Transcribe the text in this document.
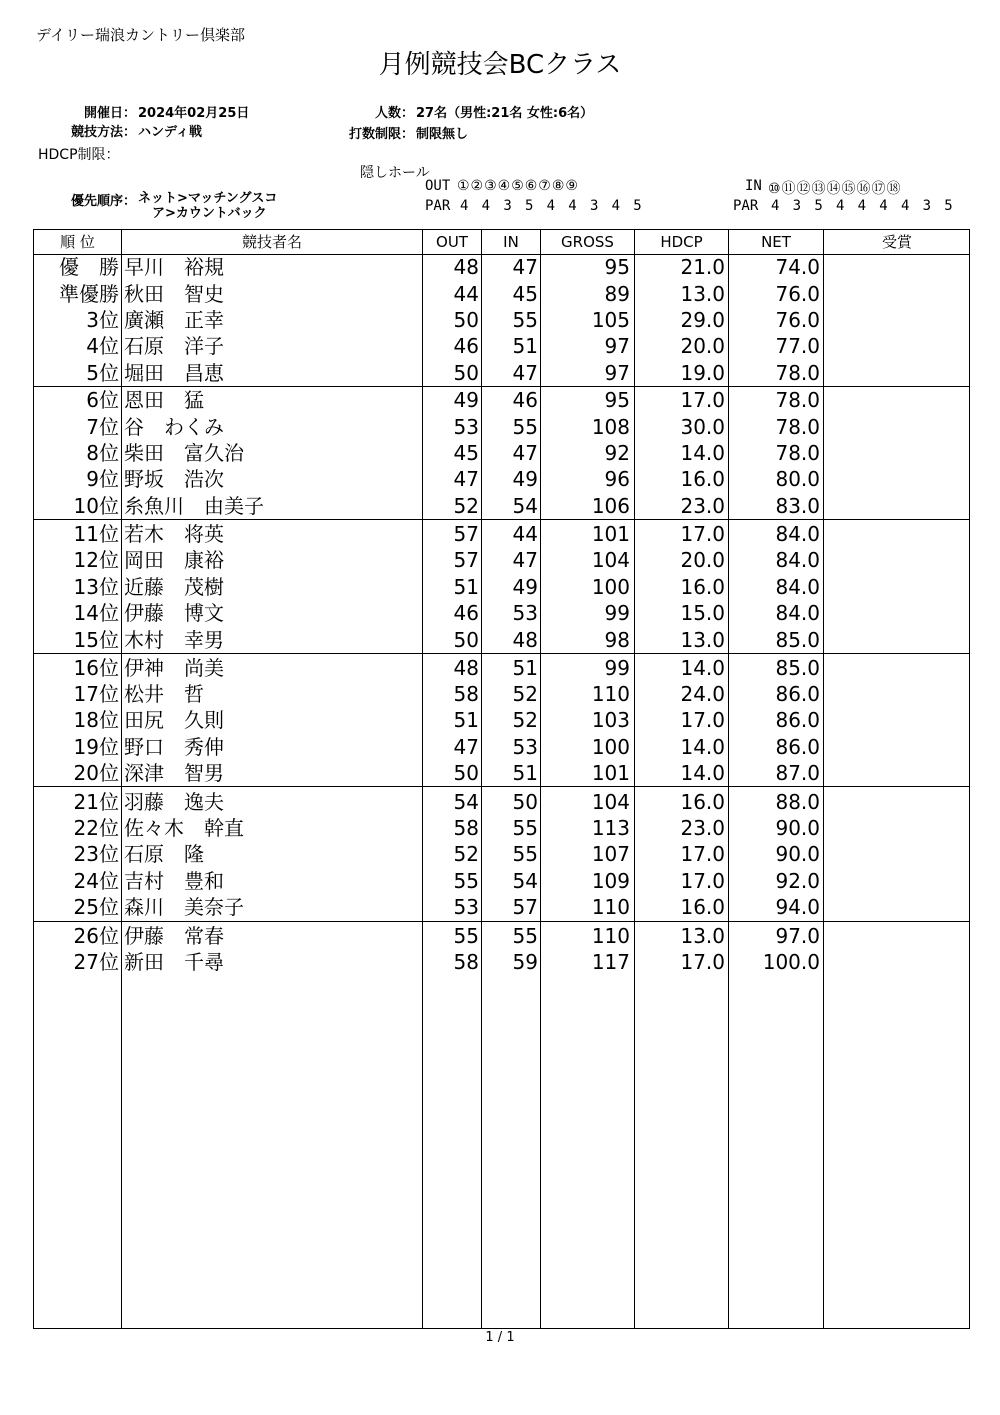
デイリー瑞浪カントリー倶楽部
月例競技会BCクラス
開催日： 2024年02月25日
競技方法： ハンディ戦
HDCP制限：
優先順序： ネット>マッチングスコ
ア>カウントバック
人数： 27名（男性:21名 女性:6名）
打数制限： 制限無し
隠しホール
OUT ①②③④⑤⑥⑦⑧⑨
PAR 4 4 3 5 4 4 3 4 5
IN ⑩⑪⑫⑬⑭⑮⑯⑰⑱
PAR 4 3 5 4 4 4 4 3 5
順 位	競技者名	OUT	IN	GROSS	HDCP	NET	受賞
優　勝 早川　裕規	48	47	95	21.0	74.0
準優勝 秋田　智史	44	45	89	13.0	76.0
3位 廣瀬　正幸	50	55	105	29.0	76.0
4位 石原　洋子	46	51	97	20.0	77.0
5位 堀田　昌恵	50	47	97	19.0	78.0
6位 恩田　猛	49	46	95	17.0	78.0
7位 谷　わくみ	53	55	108	30.0	78.0
8位 柴田　富久治	45	47	92	14.0	78.0
9位 野坂　浩次	47	49	96	16.0	80.0
10位 糸魚川　由美子	52	54	106	23.0	83.0
11位 若木　将英	57	44	101	17.0	84.0
12位 岡田　康裕	57	47	104	20.0	84.0
13位 近藤　茂樹	51	49	100	16.0	84.0
14位 伊藤　博文	46	53	99	15.0	84.0
15位 木村　幸男	50	48	98	13.0	85.0
16位 伊神　尚美	48	51	99	14.0	85.0
17位 松井　哲	58	52	110	24.0	86.0
18位 田尻　久則	51	52	103	17.0	86.0
19位 野口　秀伸	47	53	100	14.0	86.0
20位 深津　智男	50	51	101	14.0	87.0
21位 羽藤　逸夫	54	50	104	16.0	88.0
22位 佐々木　幹直	58	55	113	23.0	90.0
23位 石原　隆	52	55	107	17.0	90.0
24位 吉村　豊和	55	54	109	17.0	92.0
25位 森川　美奈子	53	57	110	16.0	94.0
26位 伊藤　常春	55	55	110	13.0	97.0
27位 新田　千尋	58	59	117	17.0	100.0
1 / 1
